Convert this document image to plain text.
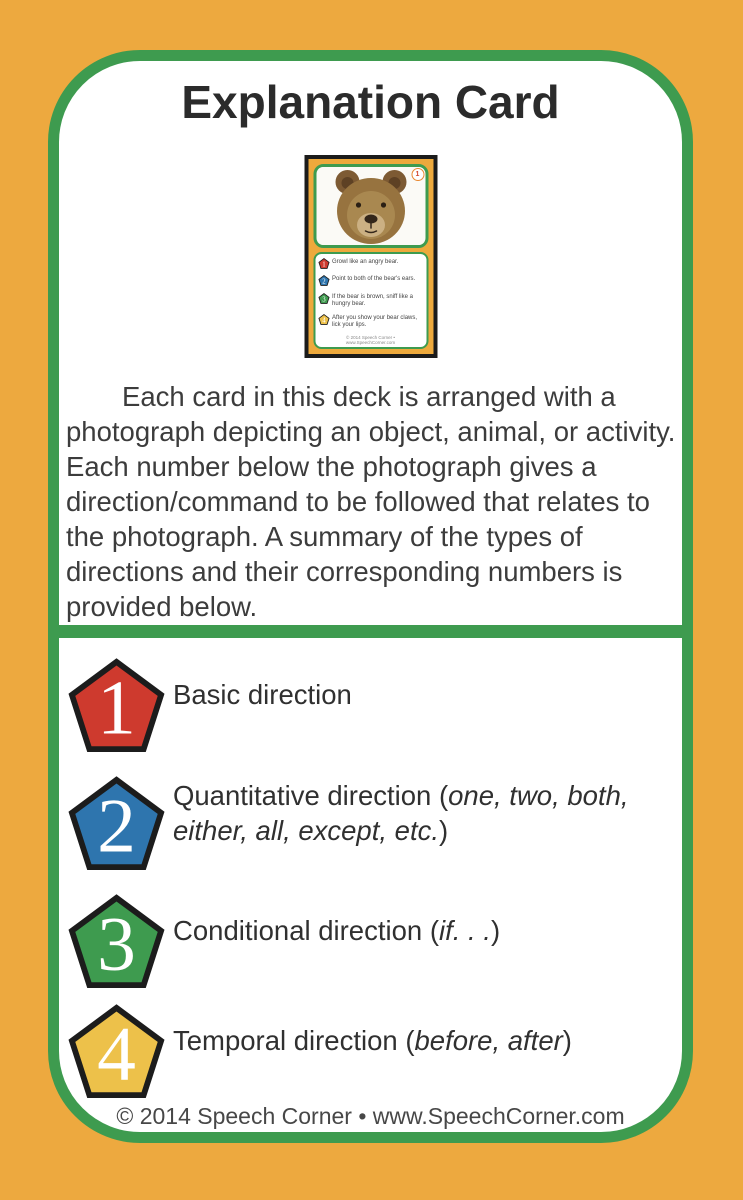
Explanation Card
1
1 Growl like an angry bear.
2 Point to both of the bear's ears.
3 If the bear is brown, sniff like a hungry bear.
4 After you show your bear claws, lick your lips.
© 2014 Speech Corner • www.SpeechCorner.com

Each card in this deck is arranged with a photograph depicting an object, animal, or activity. Each number below the photograph gives a direction/command to be followed that relates to the photograph. A summary of the types of directions and their corresponding numbers is provided below.

1 Basic direction
2 Quantitative direction (one, two, both, either, all, except, etc.)
3 Conditional direction (if. . .)
4 Temporal direction (before, after)
© 2014 Speech Corner • www.SpeechCorner.com
